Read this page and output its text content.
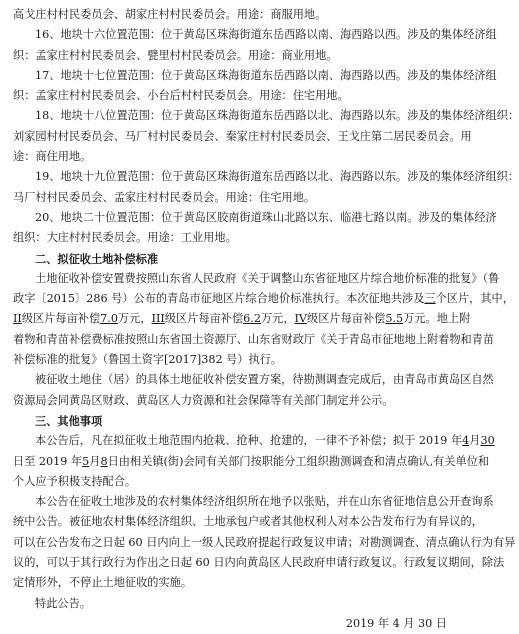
高戈庄村村民委员会、胡家庄村村民委员会。用途：商服用地。
16、地块十六位置范围：位于黄岛区珠海街道东岳西路以南、海西路以西。涉及的集体经济组
织：孟家庄村村民委员会、甓里村村民委员会。用途：商业用地。
17、地块十七位置范围：位于黄岛区珠海街道东岳西路以南、海西路以西。涉及的集体经济组
织：孟家庄村村民委员会、小台后村村民委员会。用途：住宅用地。
18、地块十八位置范围：位于黄岛区珠海街道东岳西路以北、海西路以东。涉及的集体经济组织：
刘家园村村民委员会、马厂村村民委员会、秦家庄村村民委员会、王戈庄第二居民委员会。用
途：商住用地。
19、地块十九位置范围：位于黄岛区珠海街道东岳西路以北、海西路以东。涉及的集体经济组织：
马厂村村民委员会、孟家庄村村民委员会。用途：住宅用地。
20、地块二十位置范围：位于黄岛区胶南街道珠山北路以东、临港七路以南。涉及的集体经济
组织：大庄村村民委员会。用途：工业用地。
二、拟征收土地补偿标准
土地征收补偿安置费按照山东省人民政府《关于调整山东省征地区片综合地价标准的批复》（鲁
政字〔2015〕286 号）公布的青岛市征地区片综合地价标准执行。本次征地共涉及三个区片，其中，
II级区片每亩补偿7.0万元，III级区片每亩补偿6.2万元，IV级区片每亩补偿5.5万元。地上附
着物和青苗补偿费标准按照山东省国土资源厅、山东省财政厅《关于青岛市征地地上附着物和青苗
补偿标准的批复》（鲁国土资字[2017]382 号）执行。
被征收土地住（居）的具体土地征收补偿安置方案，待勘测调查完成后，由青岛市黄岛区自然
资源局会同黄岛区财政、黄岛区人力资源和社会保障等有关部门制定并公示。
三、其他事项
本公告后，凡在拟征收土地范围内抢栽、抢种、抢建的，一律不予补偿；拟于 2019 年4月30
日至 2019 年5月8日由相关镇(街)会同有关部门按职能分工组织勘测调查和清点确认,有关单位和
个人应予积极支持配合。
本公告在征收土地涉及的农村集体经济组织所在地予以张贴，并在山东省征地信息公开查询系
统中公告。被征地农村集体经济组织、土地承包户或者其他权利人对本公告发布行为有异议的，
可以在公告发布之日起 60 日内向上一级人民政府提起行政复议申请；对勘测调查、清点确认行为有异
议的，可以于其行政行为作出之日起 60 日内向黄岛区人民政府申请行政复议。行政复议期间，除法
定情形外，不停止土地征收的实施。
特此公告。
2019 年 4 月 30 日
